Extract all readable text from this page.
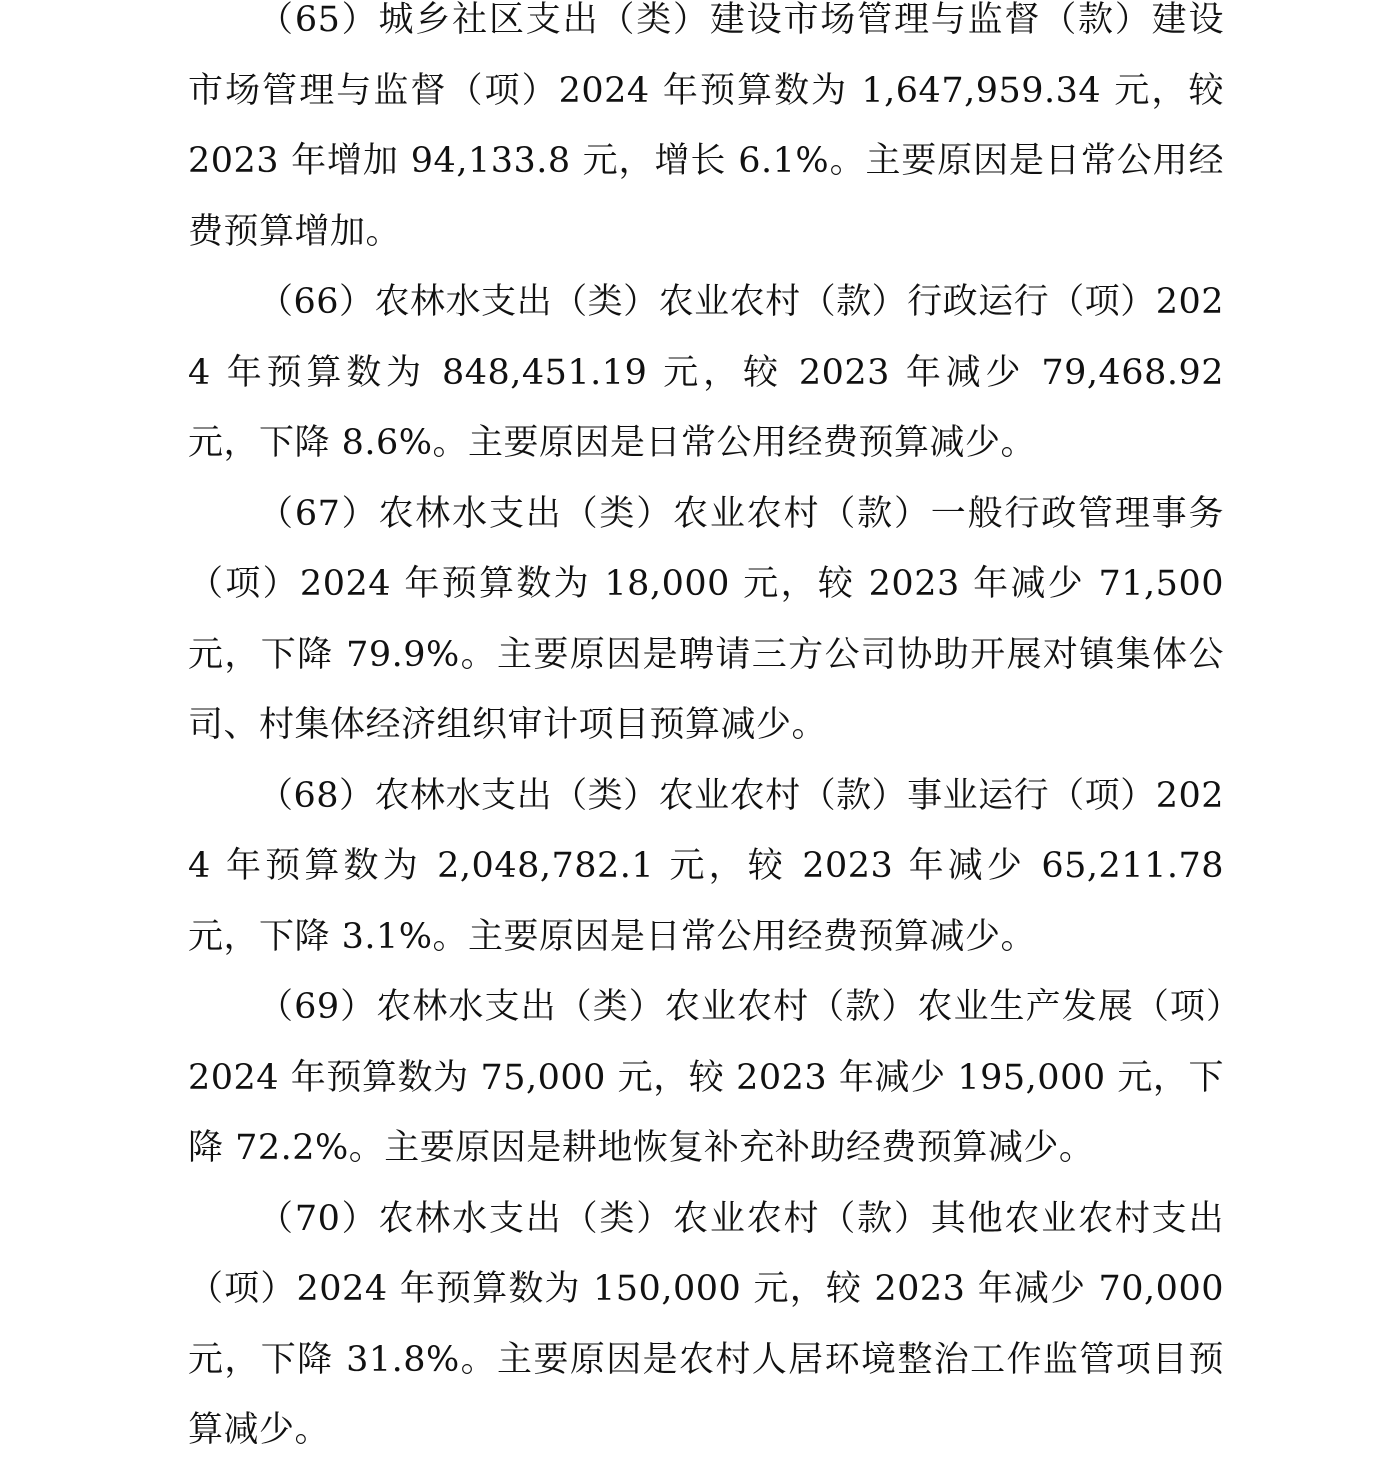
（65）城乡社区支出（类）建设市场管理与监督（款）建设市场管理与监督（项）2024 年预算数为 1,647,959.34 元，较 2023 年增加 94,133.8 元，增长 6.1%。主要原因是日常公用经费预算增加。

（66）农林水支出（类）农业农村（款）行政运行（项）2024 年预算数为 848,451.19 元，较 2023 年减少 79,468.92 元，下降 8.6%。主要原因是日常公用经费预算减少。

（67）农林水支出（类）农业农村（款）一般行政管理事务（项）2024 年预算数为 18,000 元，较 2023 年减少 71,500 元，下降 79.9%。主要原因是聘请三方公司协助开展对镇集体公司、村集体经济组织审计项目预算减少。

（68）农林水支出（类）农业农村（款）事业运行（项）2024 年预算数为 2,048,782.1 元，较 2023 年减少 65,211.78 元，下降 3.1%。主要原因是日常公用经费预算减少。

（69）农林水支出（类）农业农村（款）农业生产发展（项）2024 年预算数为 75,000 元，较 2023 年减少 195,000 元，下降 72.2%。主要原因是耕地恢复补充补助经费预算减少。

（70）农林水支出（类）农业农村（款）其他农业农村支出（项）2024 年预算数为 150,000 元，较 2023 年减少 70,000 元，下降 31.8%。主要原因是农村人居环境整治工作监管项目预算减少。
